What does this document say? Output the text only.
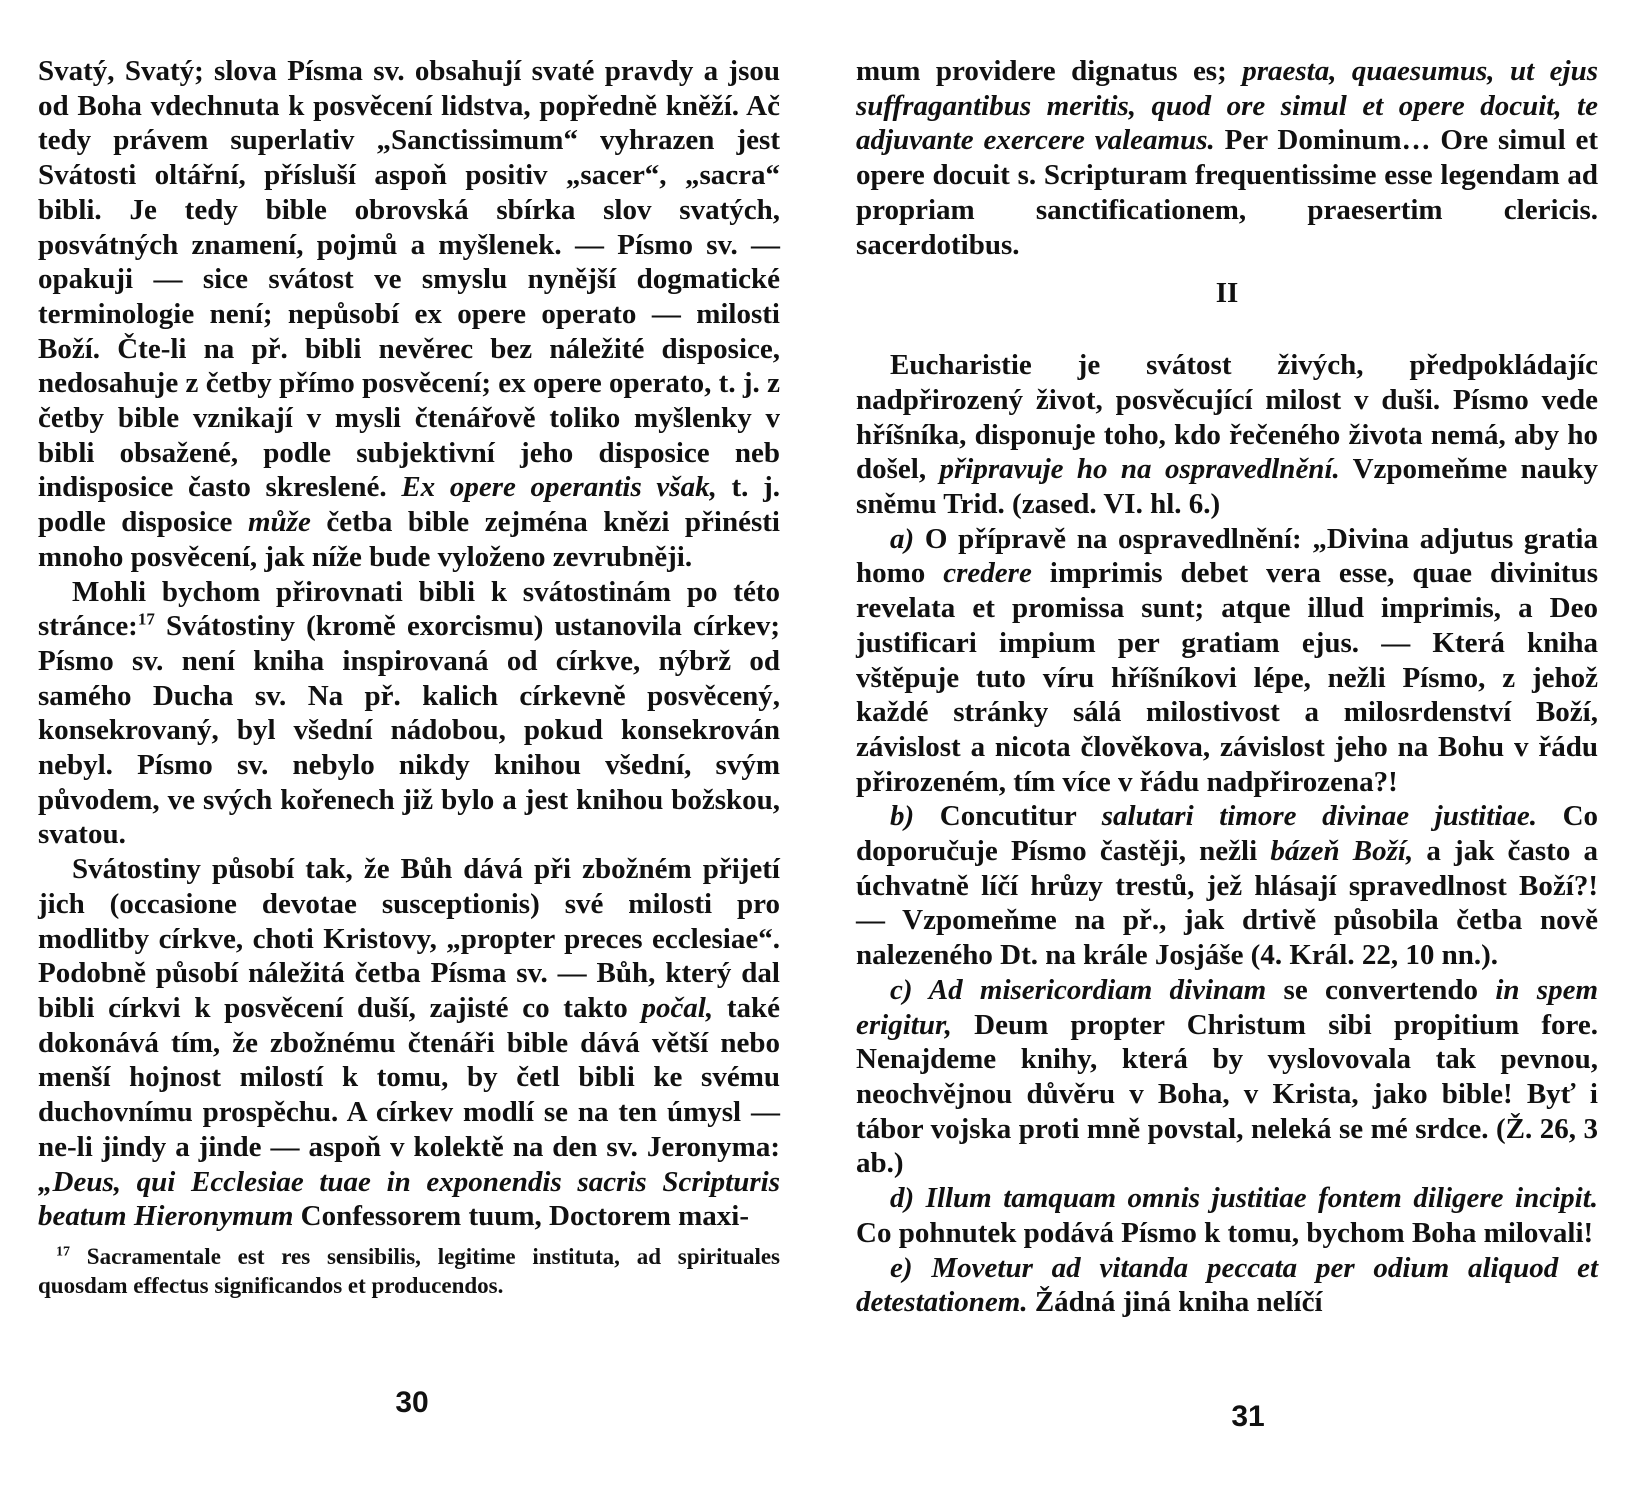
Svatý, Svatý; slova Písma sv. obsahují svaté pravdy a jsou od Boha vdechnuta k posvěcení lidstva, popředně kněží. Ač tedy právem superlativ „Sanctissimum“ vyhrazen jest Svátosti oltářní, přísluší aspoň positiv „sacer“, „sacra“ bibli. Je tedy bible obrovská sbírka slov svatých, posvátných znamení, pojmů a myšlenek. — Písmo sv. — opakuji — sice svátost ve smyslu nynější dogmatické terminologie není; nepůsobí ex opere operato — milosti Boží. Čte-li na př. bibli nevěrec bez náležité disposice, nedosahuje z četby přímo posvěcení; ex opere operato, t. j. z četby bible vznikají v mysli čtenářově toliko myšlenky v bibli obsažené, podle subjektivní jeho disposice neb indisposice často skreslené. Ex opere operantis však, t. j. podle disposice může četba bible zejména knězi přinésti mnoho posvěcení, jak níže bude vyloženo zevrubněji.

Mohli bychom přirovnati bibli k svátostinám po této stránce:$^{17}$ Svátostiny (kromě exorcismu) ustanovila církev; Písmo sv. není kniha inspirovaná od církve, nýbrž od samého Ducha sv. Na př. kalich církevně posvěcený, konsekrovaný, byl všední nádobou, pokud konsekrován nebyl. Písmo sv. nebylo nikdy knihou všední, svým původem, ve svých kořenech již bylo a jest knihou božskou, svatou.

Svátostiny působí tak, že Bůh dává při zbožném přijetí jich (occasione devotae susceptionis) své milosti pro modlitby církve, choti Kristovy, „propter preces ecclesiae“. Podobně působí náležitá četba Písma sv. — Bůh, který dal bibli církvi k posvěcení duší, zajisté co takto počal, také dokonává tím, že zbožnému čtenáři bible dává větší nebo menší hojnost milostí k tomu, by četl bibli ke svému duchovnímu prospěchu. A církev modlí se na ten úmysl — ne-li jindy a jinde — aspoň v kolektě na den sv. Jeronyma: „Deus, qui Ecclesiae tuae in exponendis sacris Scripturis beatum Hieronymum Confessorem tuum, Doctorem maxi-

$^{17}$ Sacramentale est res sensibilis, legitime instituta, ad spirituales quosdam effectus significandos et producendos.
30

mum providere dignatus es; praesta, quaesumus, ut ejus suffragantibus meritis, quod ore simul et opere docuit, te adjuvante exercere valeamus. Per Dominum… Ore simul et opere docuit s. Scripturam frequentissime esse legendam ad propriam sanctificationem, praesertim clericis. sacerdotibus.

II

Eucharistie je svátost živých, předpokládajíc nadpřirozený život, posvěcující milost v duši. Písmo vede hříšníka, disponuje toho, kdo řečeného života nemá, aby ho došel, připravuje ho na ospravedlnění. Vzpomeňme nauky sněmu Trid. (zased. VI. hl. 6.)

a) O přípravě na ospravedlnění: „Divina adjutus gratia homo credere imprimis debet vera esse, quae divinitus revelata et promissa sunt; atque illud imprimis, a Deo justificari impium per gratiam ejus. — Která kniha vštěpuje tuto víru hříšníkovi lépe, nežli Písmo, z jehož každé stránky sálá milostivost a milosrdenství Boží, závislost a nicota člověkova, závislost jeho na Bohu v řádu přirozeném, tím více v řádu nadpřirozena?!

b) Concutitur salutari timore divinae justitiae. Co doporučuje Písmo častěji, nežli bázeň Boží, a jak často a úchvatně líčí hrůzy trestů, jež hlásají spravedlnost Boží?! — Vzpomeňme na př., jak drtivě působila četba nově nalezeného Dt. na krále Josjáše (4. Král. 22, 10 nn.).

c) Ad misericordiam divinam se convertendo in spem erigitur, Deum propter Christum sibi propitium fore. Nenajdeme knihy, která by vyslovovala tak pevnou, neochvějnou důvěru v Boha, v Krista, jako bible! Byť i tábor vojska proti mně povstal, neleká se mé srdce. (Ž. 26, 3 ab.)

d) Illum tamquam omnis justitiae fontem diligere incipit. Co pohnutek podává Písmo k tomu, bychom Boha milovali!

e) Movetur ad vitanda peccata per odium aliquod et detestationem. Žádná jiná kniha nelíčí

31
